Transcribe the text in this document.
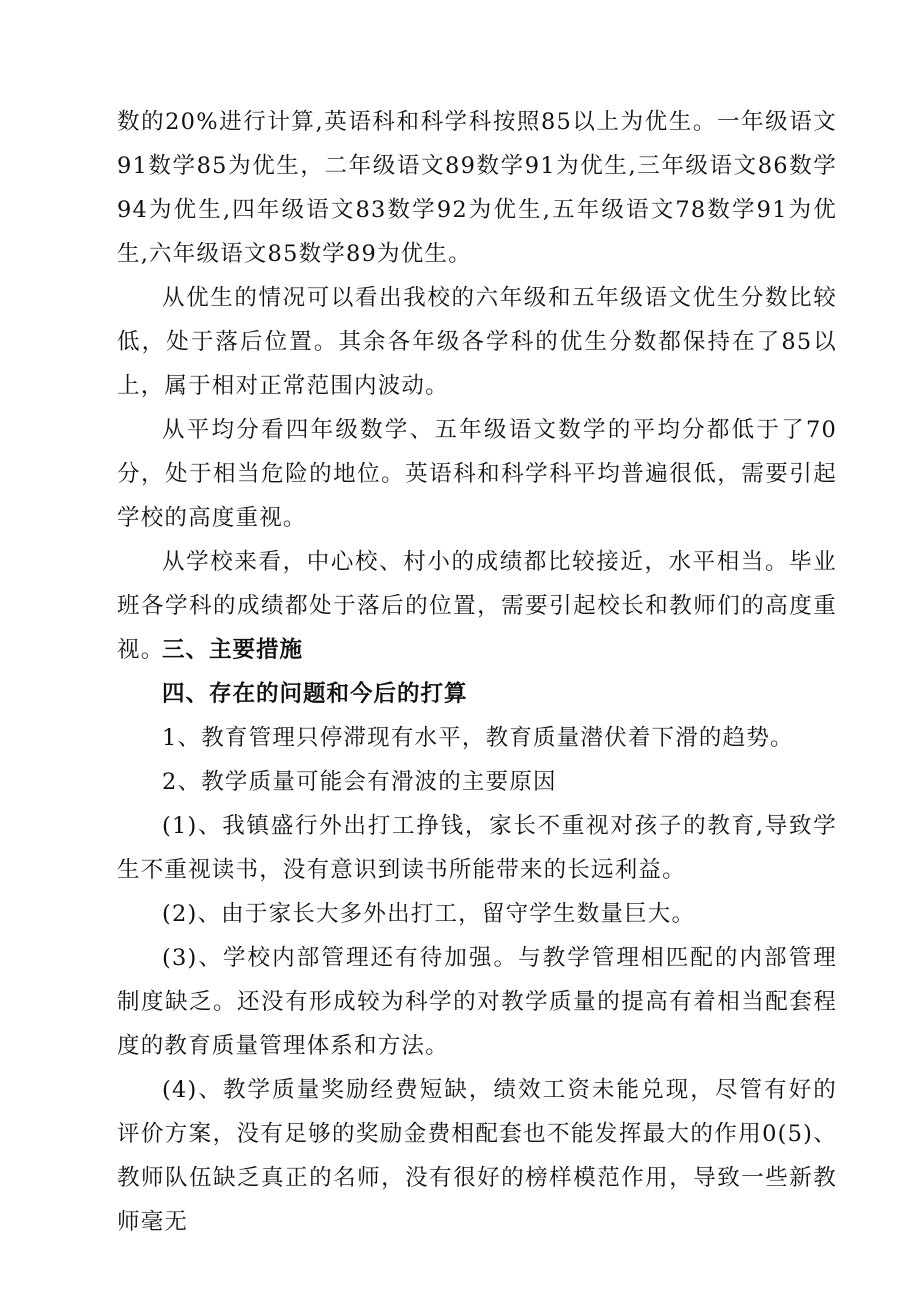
数的20%进行计算,英语科和科学科按照85以上为优生。一年级语文91数学85为优生，二年级语文89数学91为优生,三年级语文86数学94为优生,四年级语文83数学92为优生,五年级语文78数学91为优生,六年级语文85数学89为优生。

从优生的情况可以看出我校的六年级和五年级语文优生分数比较低，处于落后位置。其余各年级各学科的优生分数都保持在了85以上，属于相对正常范围内波动。

从平均分看四年级数学、五年级语文数学的平均分都低于了70分，处于相当危险的地位。英语科和科学科平均普遍很低，需要引起学校的高度重视。

从学校来看，中心校、村小的成绩都比较接近，水平相当。毕业班各学科的成绩都处于落后的位置，需要引起校长和教师们的高度重视。

三、主要措施

四、存在的问题和今后的打算

1、教育管理只停滞现有水平，教育质量潜伏着下滑的趋势。

2、教学质量可能会有滑波的主要原因

(1)、我镇盛行外出打工挣钱，家长不重视对孩子的教育,导致学生不重视读书，没有意识到读书所能带来的长远利益。

(2)、由于家长大多外出打工，留守学生数量巨大。

(3)、学校内部管理还有待加强。与教学管理相匹配的内部管理制度缺乏。还没有形成较为科学的对教学质量的提高有着相当配套程度的教育质量管理体系和方法。

(4)、教学质量奖励经费短缺，绩效工资未能兑现，尽管有好的评价方案，没有足够的奖励金费相配套也不能发挥最大的作用0(5)、教师队伍缺乏真正的名师，没有很好的榜样模范作用，导致一些新教师毫无
